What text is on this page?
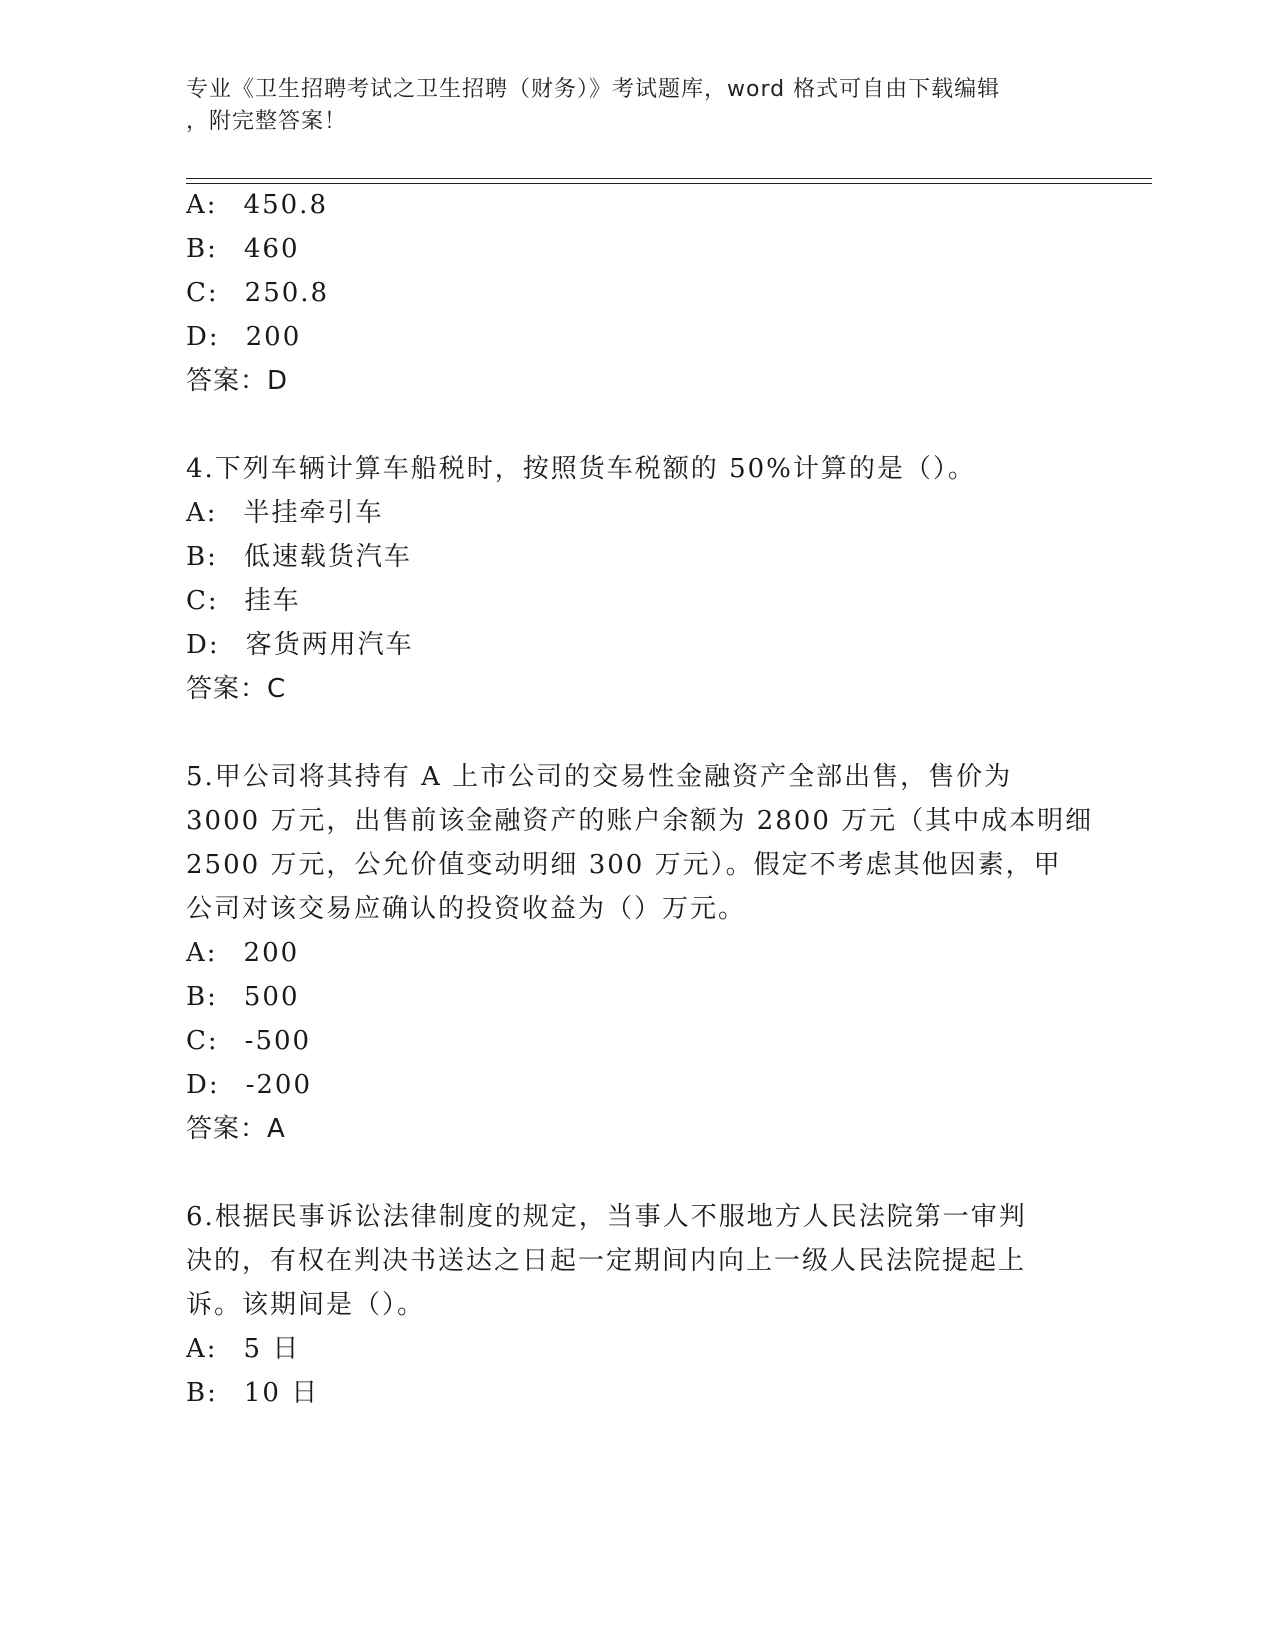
专业《卫生招聘考试之卫生招聘（财务）》考试题库，word 格式可自由下载编辑
，附完整答案！
A: 450.8
B: 460
C: 250.8
D: 200
答案：D
4.下列车辆计算车船税时，按照货车税额的 50%计算的是（）。
A: 半挂牵引车
B: 低速载货汽车
C: 挂车
D: 客货两用汽车
答案：C
5.甲公司将其持有 A 上市公司的交易性金融资产全部出售，售价为
3000 万元，出售前该金融资产的账户余额为 2800 万元（其中成本明细
2500 万元，公允价值变动明细 300 万元）。假定不考虑其他因素，甲
公司对该交易应确认的投资收益为（）万元。
A: 200
B: 500
C: -500
D: -200
答案：A
6.根据民事诉讼法律制度的规定，当事人不服地方人民法院第一审判
决的，有权在判决书送达之日起一定期间内向上一级人民法院提起上
诉。该期间是（）。
A: 5 日
B: 10 日
